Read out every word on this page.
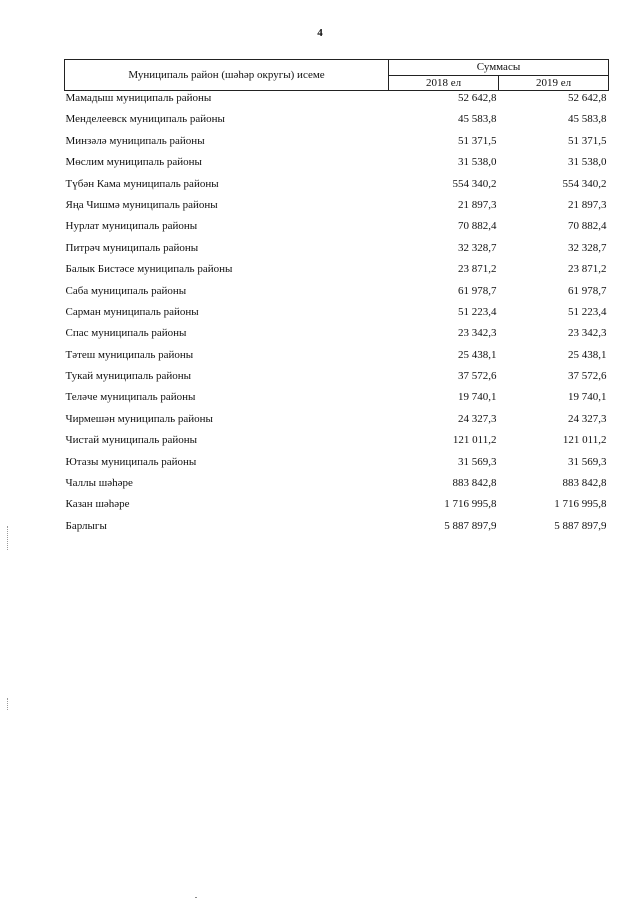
4
Муниципаль район (шәһәр округы) исеме	Суммасы	
	2018 ел	2019 ел
Мамадыш муниципаль районы	52 642,8	52 642,8
Менделеевск муниципаль районы	45 583,8	45 583,8
Минзәлә муниципаль районы	51 371,5	51 371,5
Мөслим муниципаль районы	31 538,0	31 538,0
Түбән Кама муниципаль районы	554 340,2	554 340,2
Яңа Чишмә муниципаль районы	21 897,3	21 897,3
Нурлат муниципаль районы	70 882,4	70 882,4
Питрәч муниципаль районы	32 328,7	32 328,7
Балык Бистәсе муниципаль районы	23 871,2	23 871,2
Саба муниципаль районы	61 978,7	61 978,7
Сарман муниципаль районы	51 223,4	51 223,4
Спас муниципаль районы	23 342,3	23 342,3
Тәтеш муниципаль районы	25 438,1	25 438,1
Тукай муниципаль районы	37 572,6	37 572,6
Теләче муниципаль районы	19 740,1	19 740,1
Чирмешән муниципаль районы	24 327,3	24 327,3
Чистай муниципаль районы	121 011,2	121 011,2
Ютазы муниципаль районы	31 569,3	31 569,3
Чаллы шәһәре	883 842,8	883 842,8
Казан шәһәре	1 716 995,8	1 716 995,8
Барлыгы	5 887 897,9	5 887 897,9
